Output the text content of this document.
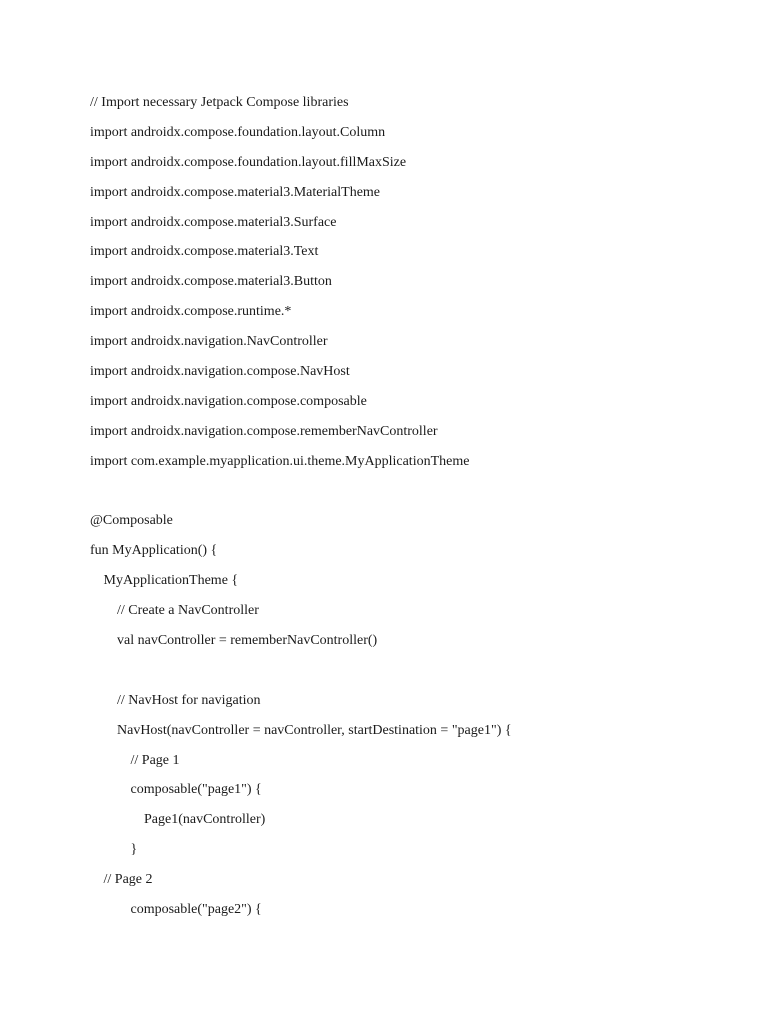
// Import necessary Jetpack Compose libraries
import androidx.compose.foundation.layout.Column
import androidx.compose.foundation.layout.fillMaxSize
import androidx.compose.material3.MaterialTheme
import androidx.compose.material3.Surface
import androidx.compose.material3.Text
import androidx.compose.material3.Button
import androidx.compose.runtime.*
import androidx.navigation.NavController
import androidx.navigation.compose.NavHost
import androidx.navigation.compose.composable
import androidx.navigation.compose.rememberNavController
import com.example.myapplication.ui.theme.MyApplicationTheme
@Composable
fun MyApplication() {
MyApplicationTheme {
// Create a NavController
val navController = rememberNavController()
// NavHost for navigation
NavHost(navController = navController, startDestination = "page1") {
// Page 1
composable("page1") {
Page1(navController)
}
// Page 2
composable("page2") {
